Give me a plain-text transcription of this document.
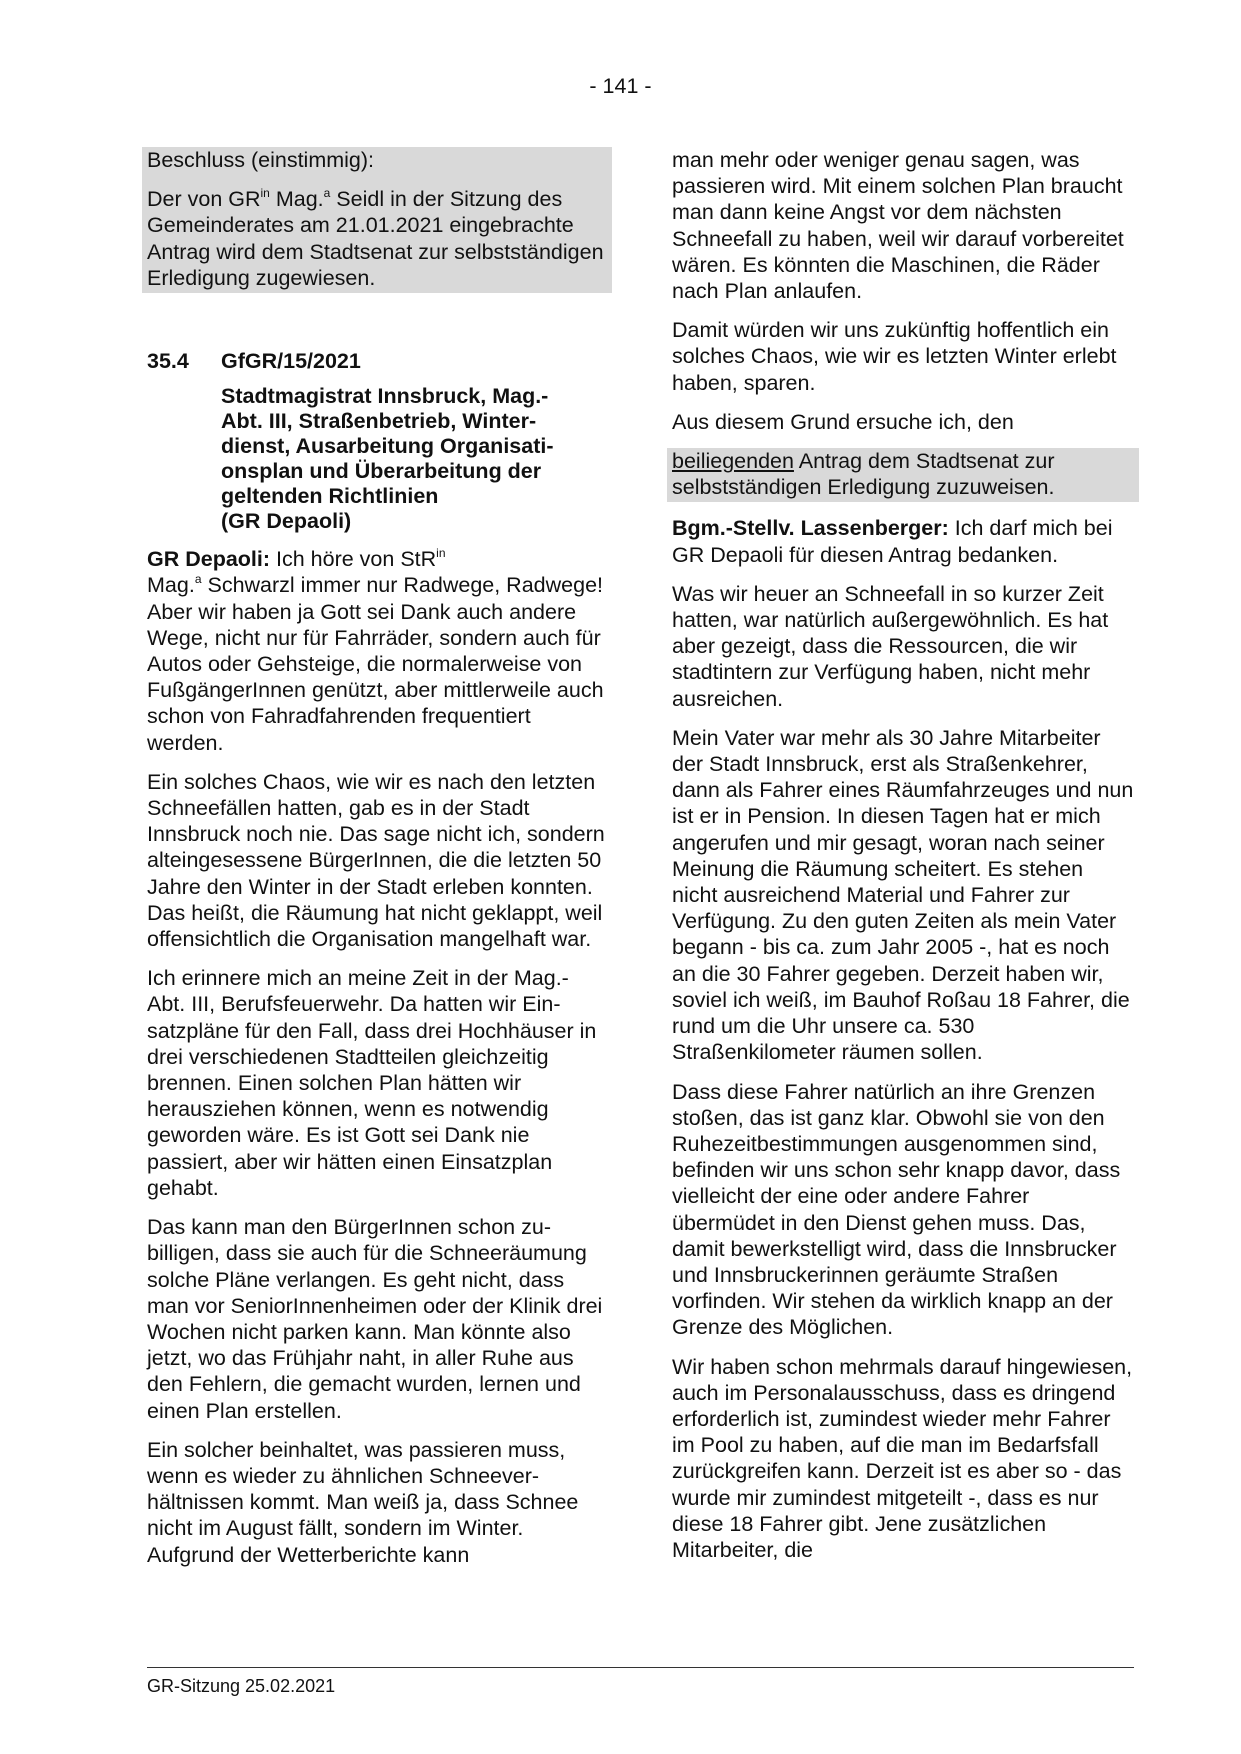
- 141 -

Beschluss (einstimmig):

Der von $GR^{in}$ Mag.$^a$ Seidl in der Sitzung des Gemeinderates am 21.01.2021 eingebrachte Antrag wird dem Stadtsenat zur selbstständigen Erledigung zugewiesen.

35.4	GfGR/15/2021
Stadtmagistrat Innsbruck, Mag.-
Abt. III, Straßenbetrieb, Winter-
dienst, Ausarbeitung Organisati-
onsplan und Überarbeitung der
geltenden Richtlinien
(GR Depaoli)

GR Depaoli: Ich höre von StR$^{in}$
Mag.$^a$ Schwarzl immer nur Radwege, Radwege! Aber wir haben ja Gott sei Dank auch andere Wege, nicht nur für Fahrräder, sondern auch für Autos oder Gehsteige, die normalerweise von FußgängerInnen genützt, aber mittlerweile auch schon von Fahradfahrenden frequentiert werden.

Ein solches Chaos, wie wir es nach den letzten Schneefällen hatten, gab es in der Stadt Innsbruck noch nie. Das sage nicht ich, sondern alteingesessene BürgerInnen, die die letzten 50 Jahre den Winter in der Stadt erleben konnten. Das heißt, die Räumung hat nicht geklappt, weil offensichtlich die Organisation mangelhaft war.

Ich erinnere mich an meine Zeit in der Mag.-Abt. III, Berufsfeuerwehr. Da hatten wir Einsatzpläne für den Fall, dass drei Hochhäuser in drei verschiedenen Stadtteilen gleichzeitig brennen. Einen solchen Plan hätten wir herausziehen können, wenn es notwendig geworden wäre. Es ist Gott sei Dank nie passiert, aber wir hätten einen Einsatzplan gehabt.

Das kann man den BürgerInnen schon zubilligen, dass sie auch für die Schneeräumung solche Pläne verlangen. Es geht nicht, dass man vor SeniorInnenheimen oder der Klinik drei Wochen nicht parken kann. Man könnte also jetzt, wo das Frühjahr naht, in aller Ruhe aus den Fehlern, die gemacht wurden, lernen und einen Plan erstellen.

Ein solcher beinhaltet, was passieren muss, wenn es wieder zu ähnlichen Schneeverhältnissen kommt. Man weiß ja, dass Schnee nicht im August fällt, sondern im Winter. Aufgrund der Wetterberichte kann

man mehr oder weniger genau sagen, was passieren wird. Mit einem solchen Plan braucht man dann keine Angst vor dem nächsten Schneefall zu haben, weil wir darauf vorbereitet wären. Es könnten die Maschinen, die Räder nach Plan anlaufen.

Damit würden wir uns zukünftig hoffentlich ein solches Chaos, wie wir es letzten Winter erlebt haben, sparen.

Aus diesem Grund ersuche ich, den

beiliegenden Antrag dem Stadtsenat zur selbstständigen Erledigung zuzuweisen.

Bgm.-Stellv. Lassenberger: Ich darf mich bei GR Depaoli für diesen Antrag bedanken.

Was wir heuer an Schneefall in so kurzer Zeit hatten, war natürlich außergewöhnlich. Es hat aber gezeigt, dass die Ressourcen, die wir stadtintern zur Verfügung haben, nicht mehr ausreichen.

Mein Vater war mehr als 30 Jahre Mitarbeiter der Stadt Innsbruck, erst als Straßenkehrer, dann als Fahrer eines Räumfahrzeuges und nun ist er in Pension. In diesen Tagen hat er mich angerufen und mir gesagt, woran nach seiner Meinung die Räumung scheitert. Es stehen nicht ausreichend Material und Fahrer zur Verfügung. Zu den guten Zeiten als mein Vater begann - bis ca. zum Jahr 2005 -, hat es noch an die 30 Fahrer gegeben. Derzeit haben wir, soviel ich weiß, im Bauhof Roßau 18 Fahrer, die rund um die Uhr unsere ca. 530 Straßenkilometer räumen sollen.

Dass diese Fahrer natürlich an ihre Grenzen stoßen, das ist ganz klar. Obwohl sie von den Ruhezeitbestimmungen ausgenommen sind, befinden wir uns schon sehr knapp davor, dass vielleicht der eine oder andere Fahrer übermüdet in den Dienst gehen muss. Das, damit bewerkstelligt wird, dass die Innsbrucker und Innsbruckerinnen geräumte Straßen vorfinden. Wir stehen da wirklich knapp an der Grenze des Möglichen.

Wir haben schon mehrmals darauf hingewiesen, auch im Personalausschuss, dass es dringend erforderlich ist, zumindest wieder mehr Fahrer im Pool zu haben, auf die man im Bedarfsfall zurückgreifen kann. Derzeit ist es aber so - das wurde mir zumindest mitgeteilt -, dass es nur diese 18 Fahrer gibt. Jene zusätzlichen Mitarbeiter, die

GR-Sitzung 25.02.2021
